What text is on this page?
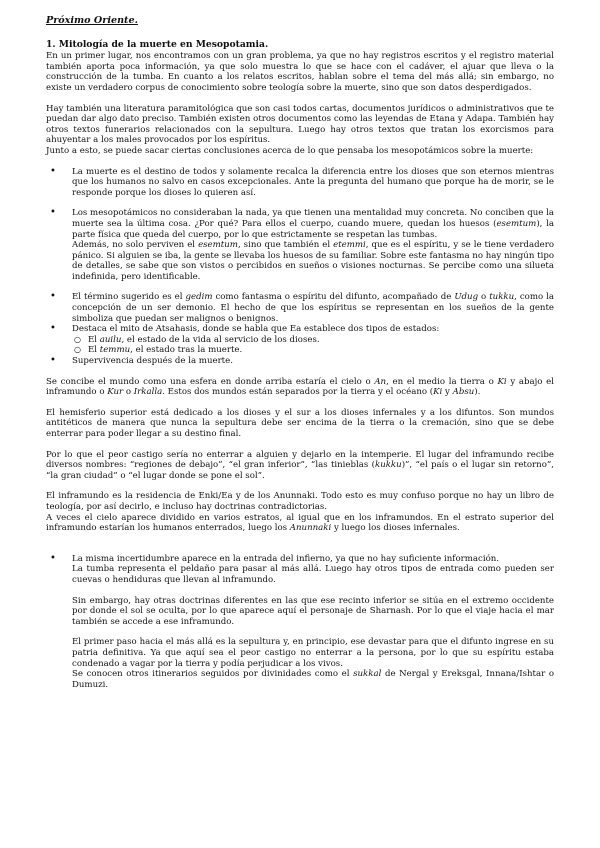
Próximo Oriente.
1. Mitología de la muerte en Mesopotamia.

En un primer lugar, nos encontramos con un gran problema, ya que no hay registros escritos y el registro material también aporta poca información, ya que solo muestra lo que se hace con el cadáver, el ajuar que lleva o la construcción de la tumba. En cuanto a los relatos escritos, hablan sobre el tema del más allá; sin embargo, no existe un verdadero corpus de conocimiento sobre teología sobre la muerte, sino que son datos desperdigados.

Hay también una literatura paramitológica que son casi todos cartas, documentos jurídicos o administrativos que te puedan dar algo dato preciso. También existen otros documentos como las leyendas de Etana y Adapa. También hay otros textos funerarios relacionados con la sepultura. Luego hay otros textos que tratan los exorcismos para ahuyentar a los males provocados por los espíritus.

Junto a esto, se puede sacar ciertas conclusiones acerca de lo que pensaba los mesopotámicos sobre la muerte:

• La muerte es el destino de todos y solamente recalca la diferencia entre los dioses que son eternos mientras que los humanos no salvo en casos excepcionales. Ante la pregunta del humano que porque ha de morir, se le responde porque los dioses lo quieren así.

• Los mesopotámicos no consideraban la nada, ya que tienen una mentalidad muy concreta. No conciben que la muerte sea la última cosa. ¿Por qué? Para ellos el cuerpo, cuando muere, quedan los huesos (esemtum), la parte física que queda del cuerpo, por lo que estrictamente se respetan las tumbas.

Además, no solo perviven el esemtum, sino que también el etemmi, que es el espíritu, y se le tiene verdadero pánico. Si alguien se iba, la gente se llevaba los huesos de su familiar. Sobre este fantasma no hay ningún tipo de detalles, se sabe que son vistos o percibidos en sueños o visiones nocturnas. Se percibe como una silueta indefinida, pero identificable.

• El término sugerido es el gedim como fantasma o espíritu del difunto, acompañado de Udug o tukku, como la concepción de un ser demonio. El hecho de que los espíritus se representan en los sueños de la gente simboliza que puedan ser malignos o benignos.

• Destaca el mito de Atsahasis, donde se habla que Ea establece dos tipos de estados:

○ El auilu, el estado de la vida al servicio de los dioses.
○ El temmu, el estado tras la muerte.

• Supervivencia después de la muerte.

Se concibe el mundo como una esfera en donde arriba estaría el cielo o An, en el medio la tierra o Ki y abajo el inframundo o Kur o Irkalla. Estos dos mundos están separados por la tierra y el océano (Ki y Absu).

El hemisferio superior está dedicado a los dioses y el sur a los dioses infernales y a los difuntos. Son mundos antitéticos de manera que nunca la sepultura debe ser encima de la tierra o la cremación, sino que se debe enterrar para poder llegar a su destino final.

Por lo que el peor castigo sería no enterrar a alguien y dejarlo en la intemperie. El lugar del inframundo recibe diversos nombres: “regiones de debajo”, “el gran inferior”, “las tinieblas (kukku)”, “el país o el lugar sin retorno”, “la gran ciudad” o “el lugar donde se pone el sol”.

El inframundo es la residencia de Enki/Ea y de los Anunnaki. Todo esto es muy confuso porque no hay un libro de teología, por así decirlo, e incluso hay doctrinas contradictorias.

A veces el cielo aparece dividido en varios estratos, al igual que en los inframundos. En el estrato superior del inframundo estarían los humanos enterrados, luego los Anunnaki y luego los dioses infernales.

• La misma incertidumbre aparece en la entrada del infierno, ya que no hay suficiente información.

La tumba representa el peldaño para pasar al más allá. Luego hay otros tipos de entrada como pueden ser cuevas o hendiduras que llevan al inframundo.

Sin embargo, hay otras doctrinas diferentes en las que ese recinto inferior se sitúa en el extremo occidente por donde el sol se oculta, por lo que aparece aquí el personaje de Sharnash. Por lo que el viaje hacia el mar también se accede a ese inframundo.

El primer paso hacia el más allá es la sepultura y, en principio, ese devastar para que el difunto ingrese en su patria definitiva. Ya que aquí sea el peor castigo no enterrar a la persona, por lo que su espíritu estaba condenado a vagar por la tierra y podía perjudicar a los vivos.

Se conocen otros itinerarios seguidos por divinidades como el sukkal de Nergal y Ereksgal, Innana/Ishtar o Dumuzi.
